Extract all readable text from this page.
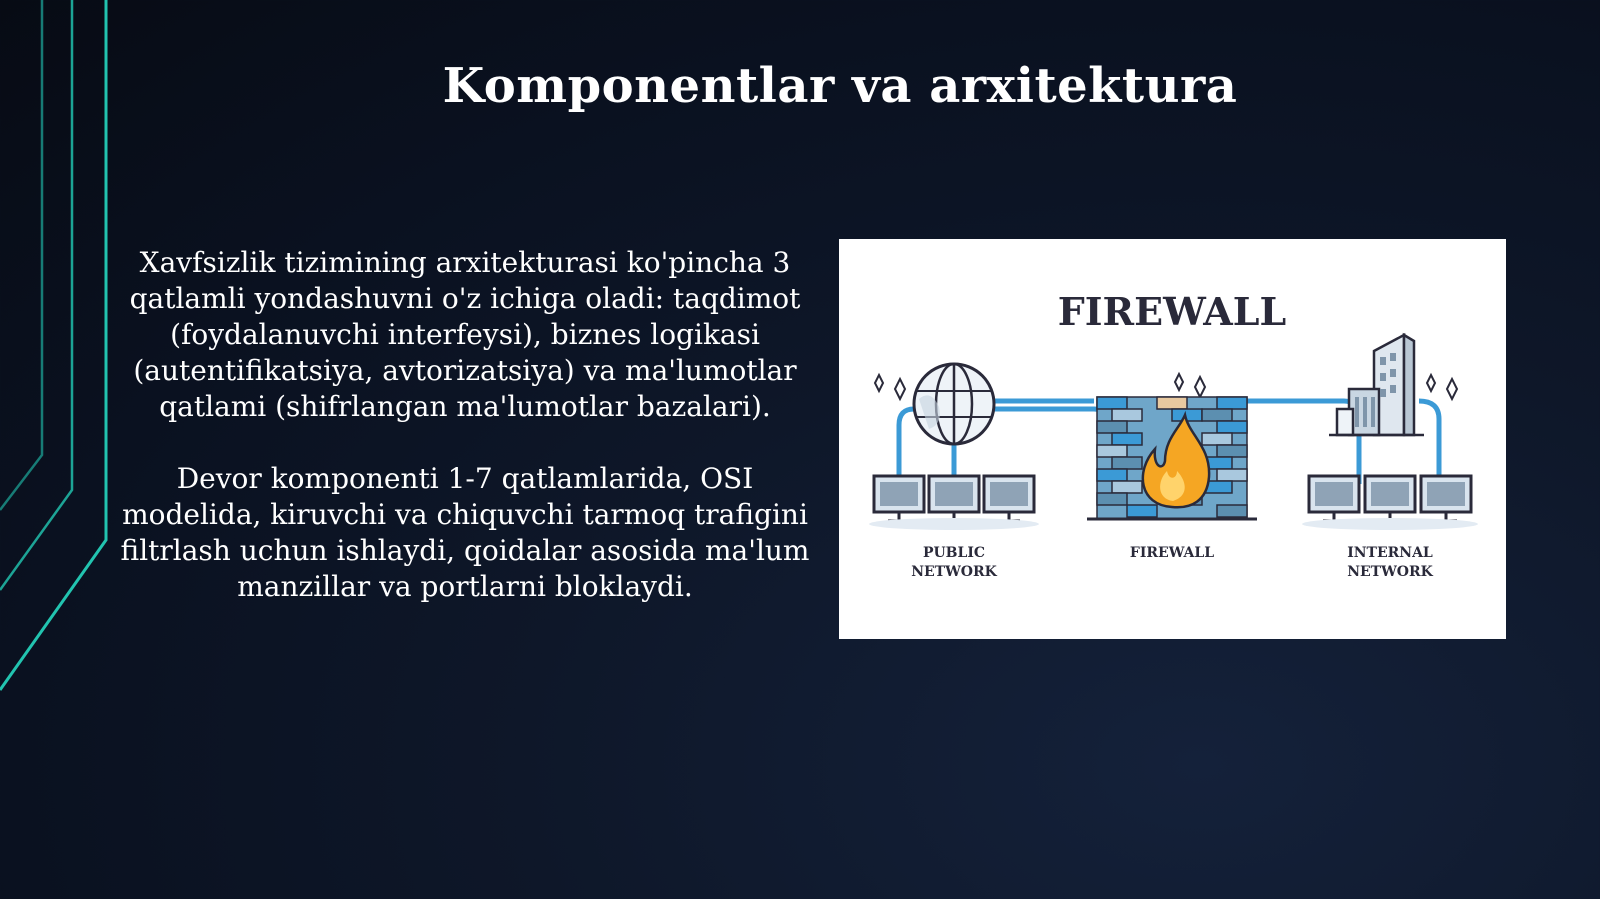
Komponentlar va arxitektura

Xavfsizlik tizimining arxitekturasi ko'pincha 3 qatlamli yondashuvni o'z ichiga oladi: taqdimot (foydalanuvchi interfeysi), biznes logikasi (autentifikatsiya, avtorizatsiya) va ma'lumotlar qatlami (shifrlangan ma'lumotlar bazalari).

Devor komponenti 1-7 qatlamlarida, OSI modelida, kiruvchi va chiquvchi tarmoq trafigini filtrlash uchun ishlaydi, qoidalar asosida ma'lum manzillar va portlarni bloklaydi.

FIREWALL
PUBLIC
NETWORK
FIREWALL	INTERNAL
NETWORK
